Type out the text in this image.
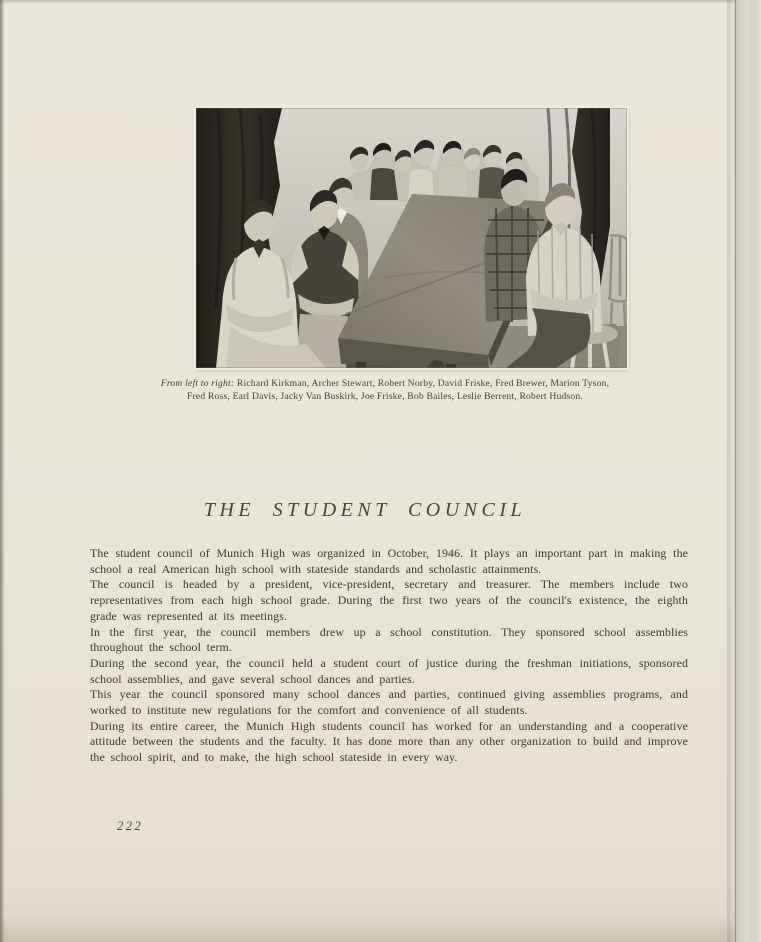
From left to right: Richard Kirkman, Archer Stewart, Robert Norby, David Friske, Fred Brewer, Marion Tyson,
Fred Ross, Earl Davis, Jacky Van Buskirk, Joe Friske, Bob Bailes, Leslie Berrent, Robert Hudson.
THE STUDENT COUNCIL

The student council of Munich High was organized in October, 1946. It plays an important part in making the school a real American high school with stateside standards and scholastic attainments.

The council is headed by a president, vice-president, secretary and treasurer. The members include two representatives from each high school grade. During the first two years of the council's existence, the eighth grade was represented at its meetings.

In the first year, the council members drew up a school constitution. They sponsored school assemblies throughout the school term.

During the second year, the council held a student court of justice during the freshman initiations, sponsored school assemblies, and gave several school dances and parties.

This year the council sponsored many school dances and parties, continued giving assemblies programs, and worked to institute new regulations for the comfort and convenience of all students.

During its entire career, the Munich High students council has worked for an understanding and a cooperative attitude between the students and the faculty. It has done more than any other organization to build and improve the school spirit, and to make, the high school stateside in every way.

222
